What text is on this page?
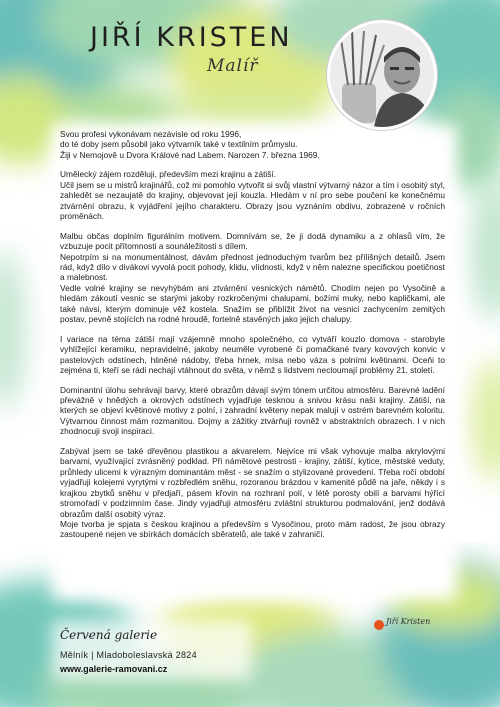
JIŘÍ KRISTEN
Malíř

Svou profesi vykonávam nezávisle od roku 1996,
do té doby jsem působil jako výtvarník také v textilním průmyslu.
Žiji v Nemojově u Dvora Králové nad Labem. Narozen 7. března 1969.

Umělecký zájem rozděluji, především mezi krajinu a zátiší.
Učil jsem se u mistrů krajinářů, což mi pomohlo vytvořit si svůj vlastní výtvarný názor a tím i osobitý styl, zahledět se nezaujatě do krajiny, objevovat její kouzla. Hledám v ní pro sebe poučení ke konečnému ztvárnění obrazu, k vyjádření jejího charakteru. Obrazy jsou vyznáním obdivu, zobrazené v ročních proměnách.

Malbu občas doplním figurálním motivem. Domnívám se, že ji dodá dynamiku a z ohlasů vím, že vzbuzuje pocit přítomnosti a sounáležitosti s dílem.
Nepotrpím si na monumentálnost, dávám přednost jednoduchým tvarům bez přílišných detailů. Jsem rád, když dílo v divákovi vyvolá pocit pohody, klidu, vlídnosti, když v něm nalezne specifickou poetičnost a malebnost.
Vedle volné krajiny se nevyhýbám ani ztvárnění vesnických námětů. Chodím nejen po Vysočině a hledám zákoutí vesnic se starými jakoby rozkročenými chalupami, božími muky, nebo kapličkami, ale také návsi, kterým dominuje věž kostela. Snažím se přiblížit život na vesnici zachycením zemitých postav, pevně stojících na rodné hroudě, fortelně stavěných jako jejich chalupy.

I variace na téma zátiší mají vzájemně mnoho společného, co vytváří kouzlo domova - starobyle vyhlížející keramiku, nepravidelné, jakoby neuměle vyrobené či pomačkané tvary kovových konvic v pastelových odstínech, hliněné nádoby, třeba hrnek, mísa nebo váza s polními květinami. Oceňi to zejména ti, kteří se rádi nechají vtáhnout do světa, v němž s lidstvem necloumají problémy 21. století.

Dominantní úlohu sehrávají barvy, které obrazům dávají svým tónem určitou atmosféru. Barevné ladění převážně v hnědých a okrových odstínech vyjadřuje tesknou a snivou krásu naši krajiny. Zátiší, na kterých se objeví květinové motivy z polní, i zahradní květeny nepak malují v ostrém barevném koloritu. Výtvarnou činnost mám rozmanitou. Dojmy a zážitky ztvárňuji rovněž v abstraktních obrazech. I v nich zhodnocuji svoji inspiraci.

Zabýval jsem se také dřevěnou plastikou a akvarelem. Nejvíce mi však vyhovuje malba akrylovými barvami, využívající zvrásněný podklad. Při námětové pestrosti - krajiny, zátiší, kytice, městské veduty, průhledy ulicemi k výrazným dominantám měst - se snažím o stylizované provedení. Třeba ročí období vyjadřuji kolejemi vyrytými v rozbředlém sněhu, rozoranou brázdou v kamenité půdě na jaře, někdy i s krajkou zbytků sněhu v předjaří, pásem křovin na rozhraní polí, v létě porosty obilí a barvami hýřící stromořadí v podzimním čase. Jindy vyjadřuji atmosféru zvláštní strukturou podmalování, jenž dodává obrazům další osobitý výraz.
Moje tvorba je spjata s českou krajinou a především s Vysočinou, proto mám radost, že jsou obrazy zastoupené nejen ve sbírkách domácích sběratelů, ale také v zahraničí.

Červená galerie
Mělník | Mladoboleslavská 2824
www.galerie-ramovani.cz
Jiří Kristen
